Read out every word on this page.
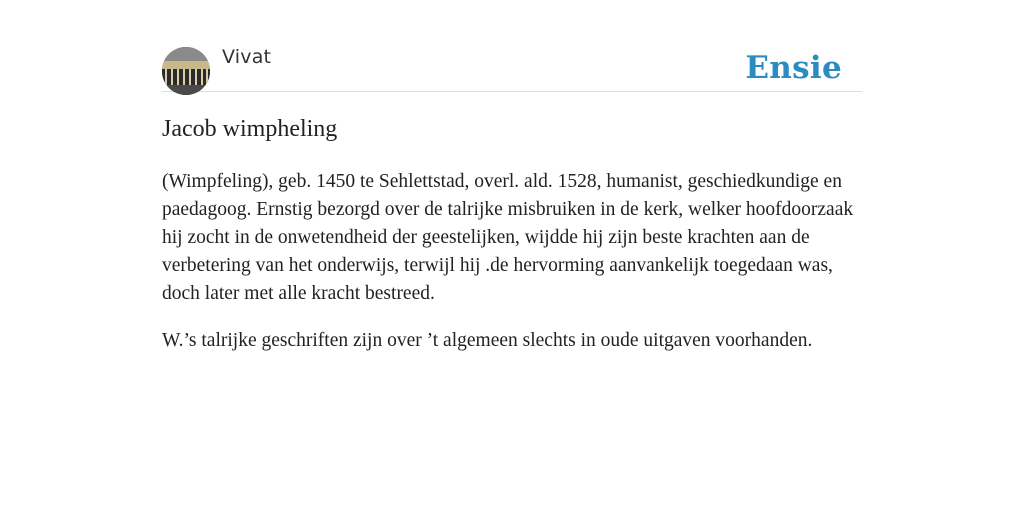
Vivat	Ensie
Jacob wimpheling

(Wimpfeling), geb. 1450 te Sehlettstad, overl. ald. 1528, humanist, geschiedkundige en paedagoog. Ernstig bezorgd over de talrijke misbruiken in de kerk, welker hoofdoorzaak hij zocht in de onwetendheid der geestelijken, wijdde hij zijn beste krachten aan de verbetering van het onderwijs, terwijl hij .de hervorming aanvankelijk toegedaan was, doch later met alle kracht bestreed.

W.’s talrijke geschriften zijn over ’t algemeen slechts in oude uitgaven voorhanden.
